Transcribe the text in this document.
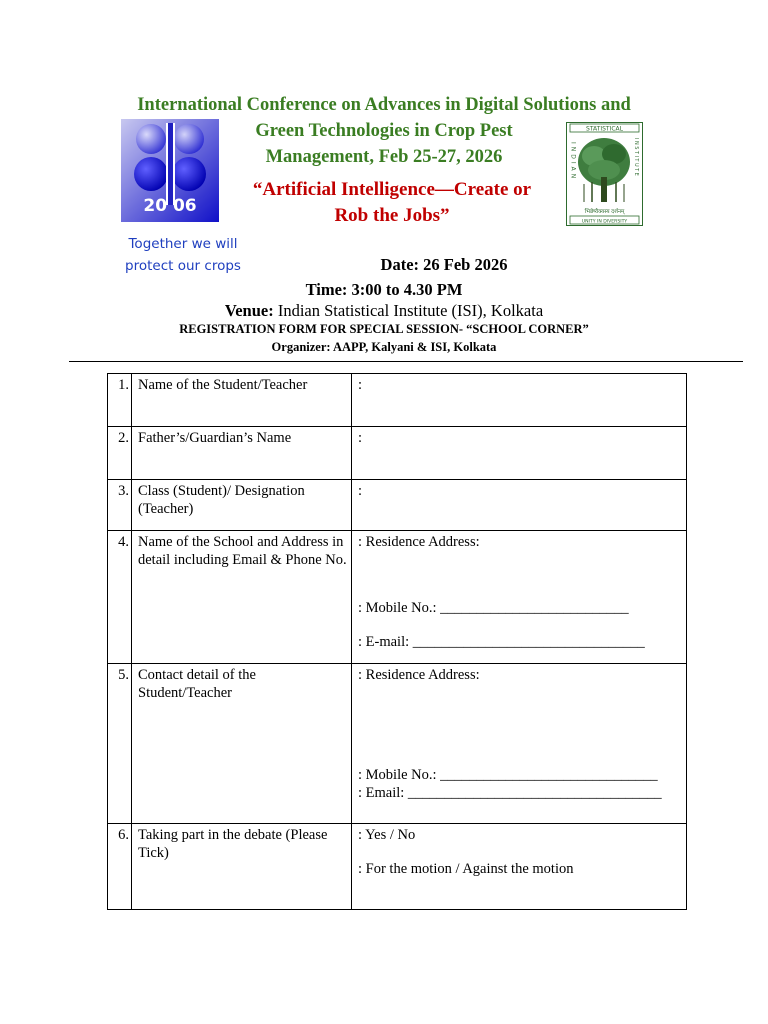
International Conference on Advances in Digital Solutions and
Green Technologies in Crop Pest
Management, Feb 25-27, 2026
20 06
Together we will
protect our crops
“Artificial Intelligence—Create or
Rob the Jobs”
STATISTICAL
INDIAN	INSTITUTE
भिन्नेष्वैक्यस्य दर्शनम्
UNITY IN DIVERSITY
Date: 26 Feb 2026
Time: 3:00 to 4.30 PM
Venue: Indian Statistical Institute (ISI), Kolkata
REGISTRATION FORM FOR SPECIAL SESSION- “SCHOOL CORNER”
Organizer: AAPP, Kalyani & ISI, Kolkata
1.	Name of the Student/Teacher	:

2.	Father’s/Guardian’s Name	:

3.	Class (Student)/ Designation (Teacher)	:

4.	Name of the School and Address in detail including Email & Phone No.	: Residence Address:
: Mobile No.: __________________________
: E-mail: ________________________________

5.	Contact detail of the Student/Teacher	: Residence Address:
: Mobile No.: ______________________________
: Email: ___________________________________

6.	Taking part in the debate (Please Tick)	: Yes / No
: For the motion / Against the motion
